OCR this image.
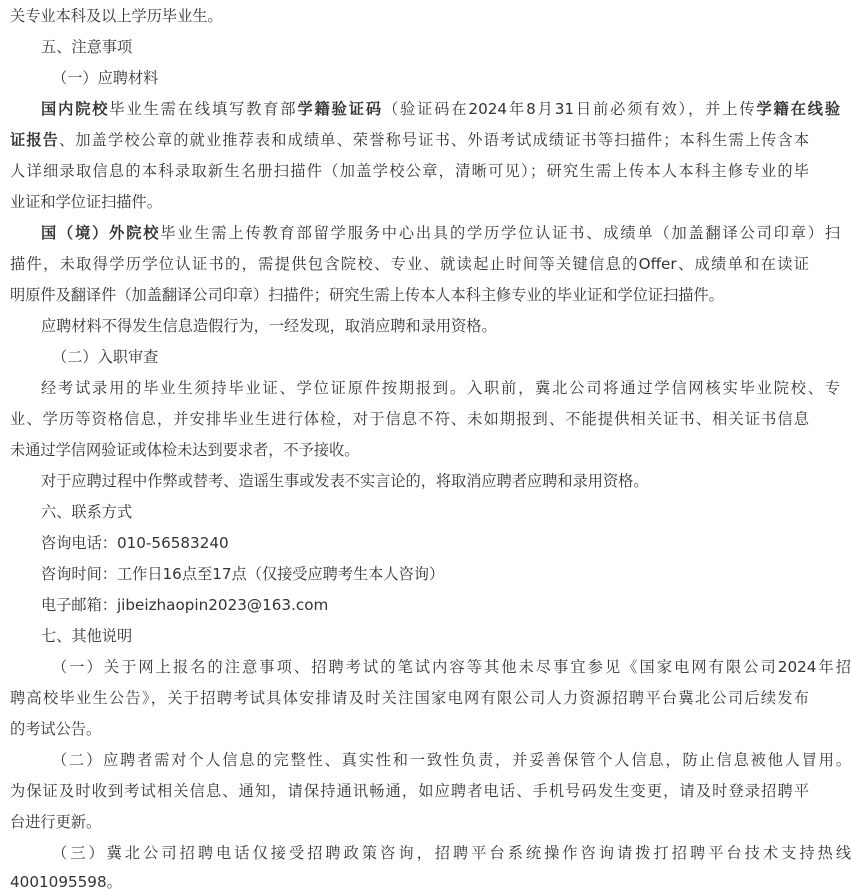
关专业本科及以上学历毕业生。
五、注意事项
（一）应聘材料
国内院校毕业生需在线填写教育部学籍验证码（验证码在2024年8月31日前必须有效），并上传学籍在线验
证报告、加盖学校公章的就业推荐表和成绩单、荣誉称号证书、外语考试成绩证书等扫描件；本科生需上传含本
人详细录取信息的本科录取新生名册扫描件（加盖学校公章，清晰可见）；研究生需上传本人本科主修专业的毕
业证和学位证扫描件。
国（境）外院校毕业生需上传教育部留学服务中心出具的学历学位认证书、成绩单（加盖翻译公司印章）扫
描件，未取得学历学位认证书的，需提供包含院校、专业、就读起止时间等关键信息的Offer、成绩单和在读证
明原件及翻译件（加盖翻译公司印章）扫描件；研究生需上传本人本科主修专业的毕业证和学位证扫描件。
应聘材料不得发生信息造假行为，一经发现，取消应聘和录用资格。
（二）入职审查
经考试录用的毕业生须持毕业证、学位证原件按期报到。入职前，冀北公司将通过学信网核实毕业院校、专
业、学历等资格信息，并安排毕业生进行体检，对于信息不符、未如期报到、不能提供相关证书、相关证书信息
未通过学信网验证或体检未达到要求者，不予接收。
对于应聘过程中作弊或替考、造谣生事或发表不实言论的，将取消应聘者应聘和录用资格。
六、联系方式
咨询电话：010-56583240
咨询时间：工作日16点至17点（仅接受应聘考生本人咨询）
电子邮箱：jibeizhaopin2023@163.com
七、其他说明
（一）关于网上报名的注意事项、招聘考试的笔试内容等其他未尽事宜参见《国家电网有限公司2024年招
聘高校毕业生公告》，关于招聘考试具体安排请及时关注国家电网有限公司人力资源招聘平台冀北公司后续发布
的考试公告。
（二）应聘者需对个人信息的完整性、真实性和一致性负责，并妥善保管个人信息，防止信息被他人冒用。
为保证及时收到考试相关信息、通知，请保持通讯畅通，如应聘者电话、手机号码发生变更，请及时登录招聘平
台进行更新。
（三）冀北公司招聘电话仅接受招聘政策咨询，招聘平台系统操作咨询请拨打招聘平台技术支持热线
4001095598。
